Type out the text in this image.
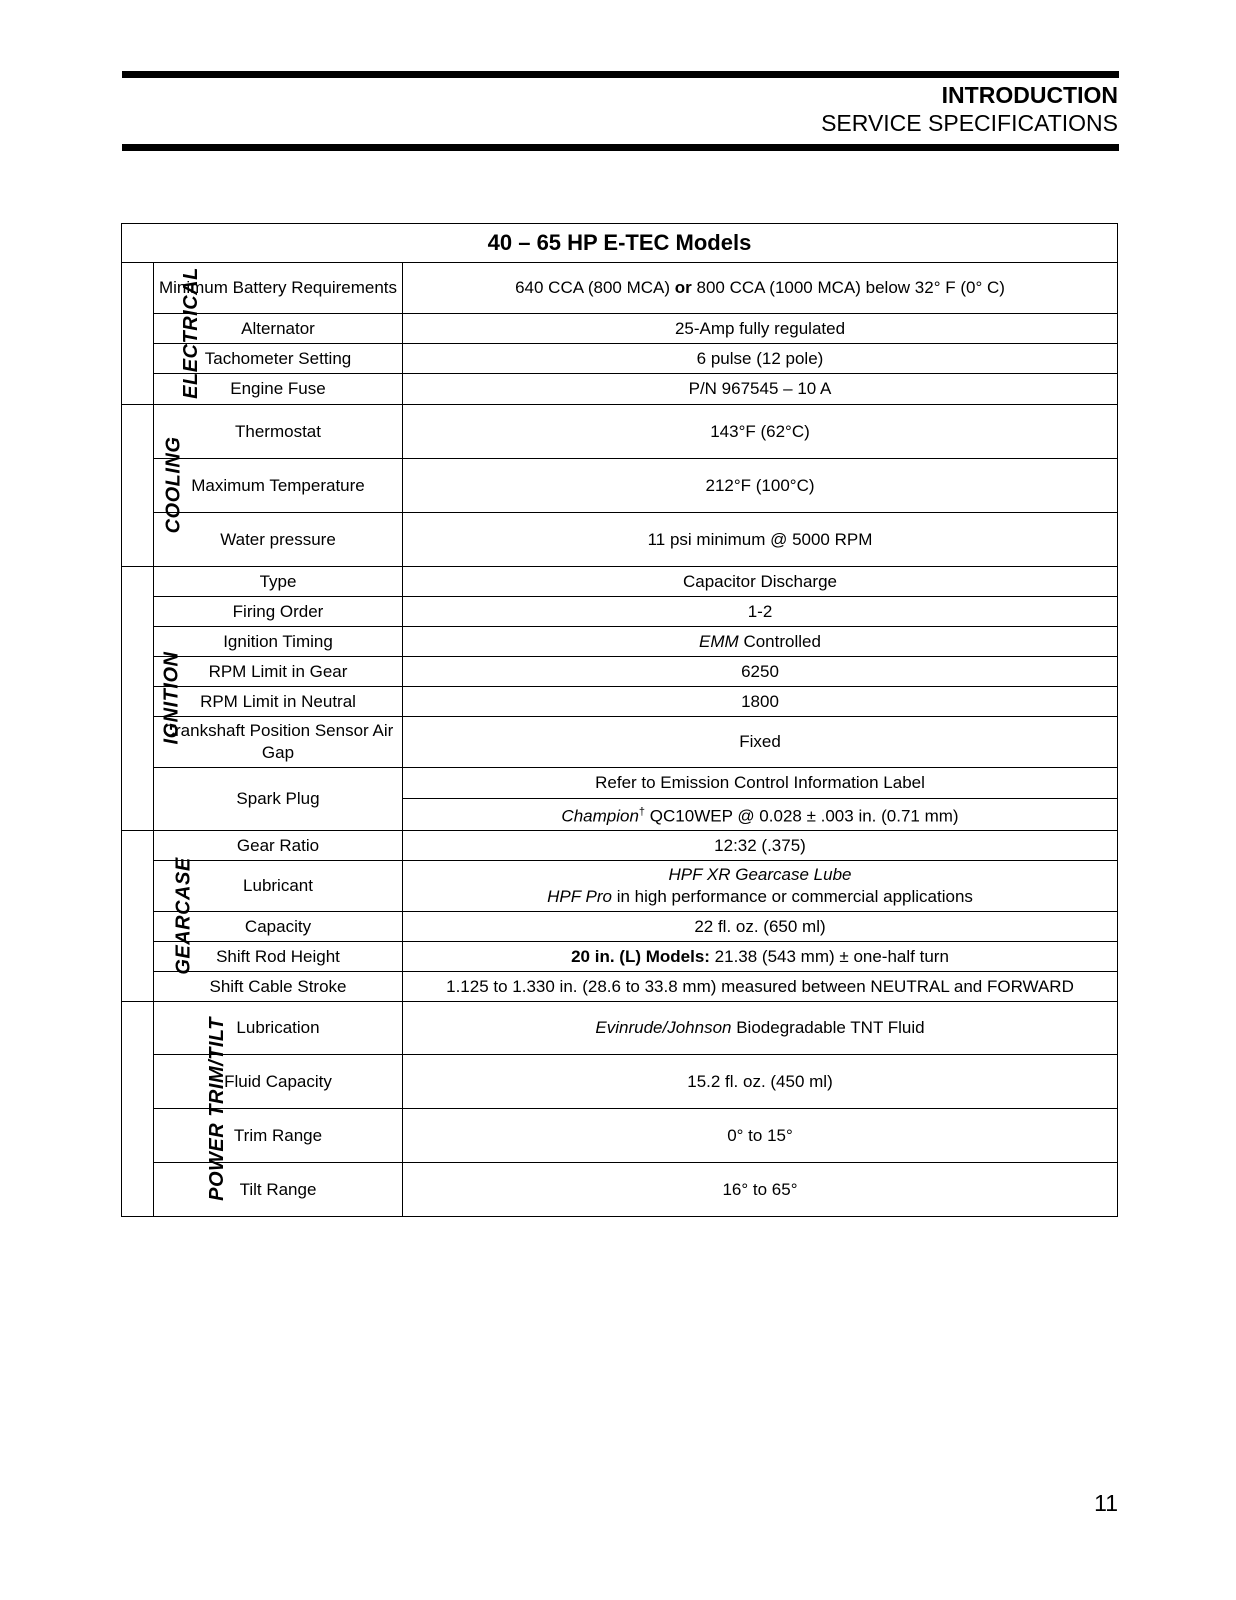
INTRODUCTION
SERVICE SPECIFICATIONS
40 – 65 HP E-TEC Models		
ELECTRICAL	Minimum Battery Requirements	640 CCA (800 MCA) or 800 CCA (1000 MCA) below 32° F (0° C)
	Alternator	25-Amp fully regulated
	Tachometer Setting	6 pulse (12 pole)
	Engine Fuse	P/N 967545 – 10 A
COOLING	Thermostat	143°F (62°C)
	Maximum Temperature	212°F (100°C)
	Water pressure	11 psi minimum @ 5000 RPM
IGNITION	Type	Capacitor Discharge
	Firing Order	1-2
	Ignition Timing	EMM Controlled
	RPM Limit in Gear	6250
	RPM Limit in Neutral	1800
	Crankshaft Position Sensor Air Gap	Fixed
	Spark Plug	Refer to Emission Control Information Label
		Champion† QC10WEP @ 0.028 ± .003 in. (0.71 mm)
GEARCASE	Gear Ratio	12:32 (.375)
	Lubricant	HPF XR Gearcase Lube
HPF Pro in high performance or commercial applications
	Capacity	22 fl. oz. (650 ml)
	Shift Rod Height	20 in. (L) Models: 21.38 (543 mm) ± one-half turn
	Shift Cable Stroke	1.125 to 1.330 in. (28.6 to 33.8 mm) measured between NEUTRAL and FORWARD
POWER TRIM/TILT	Lubrication	Evinrude/Johnson Biodegradable TNT Fluid
	Fluid Capacity	15.2 fl. oz. (450 ml)
	Trim Range	0° to 15°
	Tilt Range	16° to 65°
11
